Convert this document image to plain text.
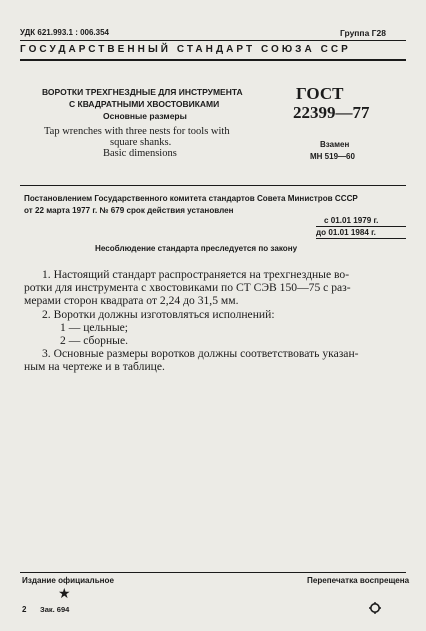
УДК 621.993.1 : 006.354	Группа Г28
ГОСУДАРСТВЕННЫЙ СТАНДАРТ СОЮЗА ССР
ВОРОТКИ ТРЕХГНЕЗДНЫЕ ДЛЯ ИНСТРУМЕНТА
С КВАДРАТНЫМИ ХВОСТОВИКАМИ
Основные размеры
Tap wrenches with three nests for tools with
square shanks.
Basic dimensions
ГОСТ
22399—77
Взамен
МН 519—60
Постановлением Государственного комитета стандартов Совета Министров СССР
от 22 марта 1977 г. № 679 срок действия установлен
с 01.01 1979 г.
до 01.01 1984 г.
Несоблюдение стандарта преследуется по закону
1. Настоящий стандарт распространяется на трехгнездные во-
ротки для инструмента с хвостовиками по СТ СЭВ 150—75 с раз-
мерами сторон квадрата от 2,24 до 31,5 мм.
2. Воротки должны изготовляться исполнений:
1 — цельные;
2 — сборные.
3. Основные размеры воротков должны соответствовать указан-
ным на чертеже и в таблице.
Издание официальное
★
Перепечатка воспрещена
2 Зак. 694
